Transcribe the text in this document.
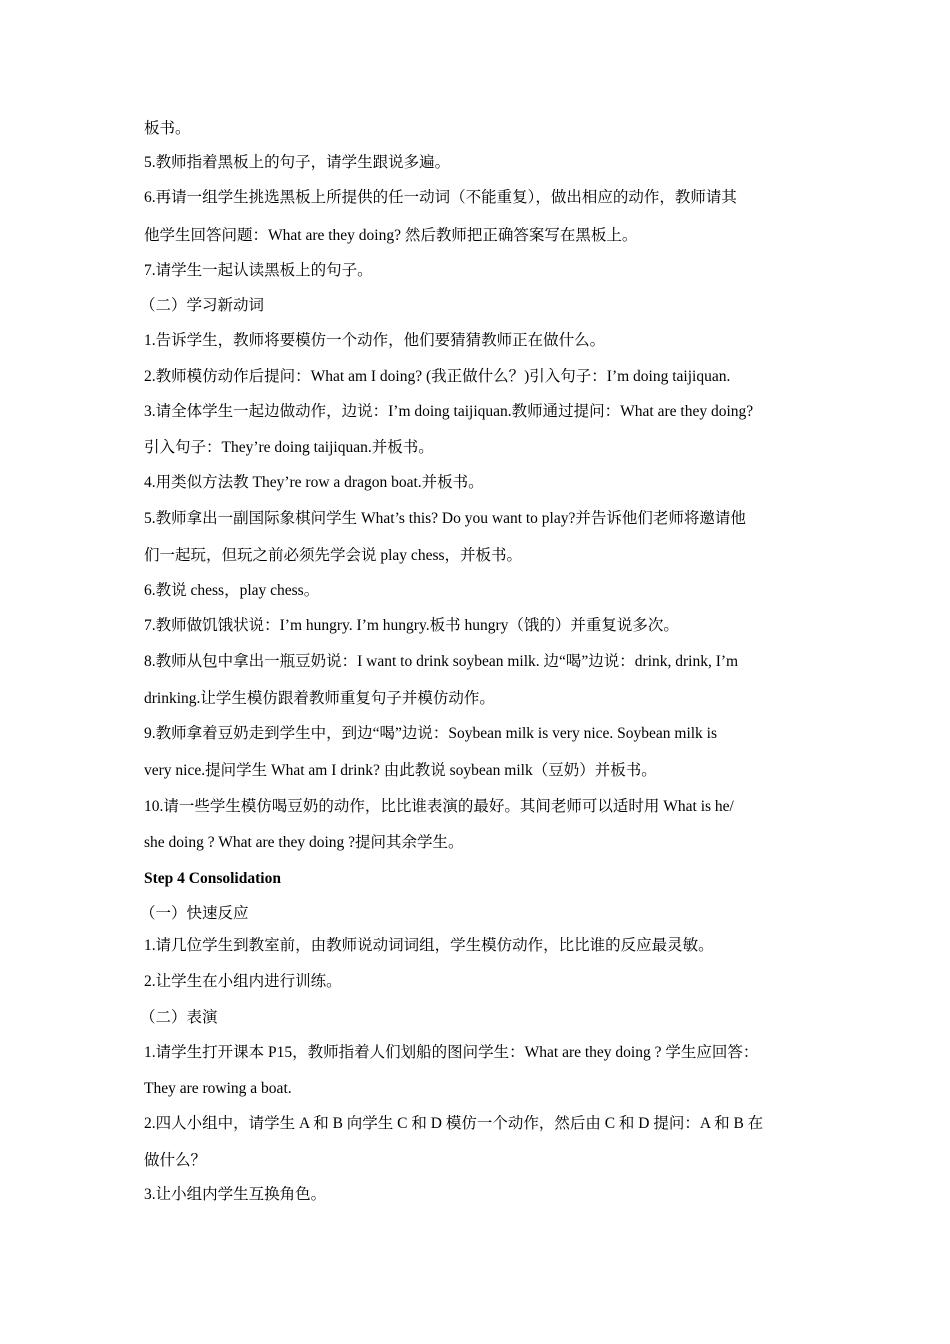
板书。
5.教师指着黑板上的句子，请学生跟说多遍。
6.再请一组学生挑选黑板上所提供的任一动词（不能重复），做出相应的动作，教师请其
他学生回答问题：What are they doing? 然后教师把正确答案写在黑板上。
7.请学生一起认读黑板上的句子。
（二）学习新动词
1.告诉学生，教师将要模仿一个动作，他们要猜猜教师正在做什么。
2.教师模仿动作后提问：What am I doing? (我正做什么？)引入句子：I’m doing taijiquan.
3.请全体学生一起边做动作，边说：I’m doing taijiquan.教师通过提问：What are they doing?
引入句子：They’re doing taijiquan.并板书。
4.用类似方法教 They’re row a dragon boat.并板书。
5.教师拿出一副国际象棋问学生 What’s this? Do you want to play?并告诉他们老师将邀请他
们一起玩，但玩之前必须先学会说 play chess，并板书。
6.教说 chess，play chess。
7.教师做饥饿状说：I’m hungry. I’m hungry.板书 hungry（饿的）并重复说多次。
8.教师从包中拿出一瓶豆奶说：I want to drink soybean milk. 边“喝”边说：drink, drink, I’m
drinking.让学生模仿跟着教师重复句子并模仿动作。
9.教师拿着豆奶走到学生中，到边“喝”边说：Soybean milk is very nice. Soybean milk is
very nice.提问学生 What am I drink? 由此教说 soybean milk（豆奶）并板书。
10.请一些学生模仿喝豆奶的动作，比比谁表演的最好。其间老师可以适时用 What is he/
she doing ? What are they doing ?提问其余学生。
Step 4 Consolidation
（一）快速反应
1.请几位学生到教室前，由教师说动词词组，学生模仿动作，比比谁的反应最灵敏。
2.让学生在小组内进行训练。
（二）表演
1.请学生打开课本 P15，教师指着人们划船的图问学生：What are they doing ? 学生应回答：
They are rowing a boat.
2.四人小组中，请学生 A 和 B 向学生 C 和 D 模仿一个动作，然后由 C 和 D 提问：A 和 B 在
做什么？
3.让小组内学生互换角色。
